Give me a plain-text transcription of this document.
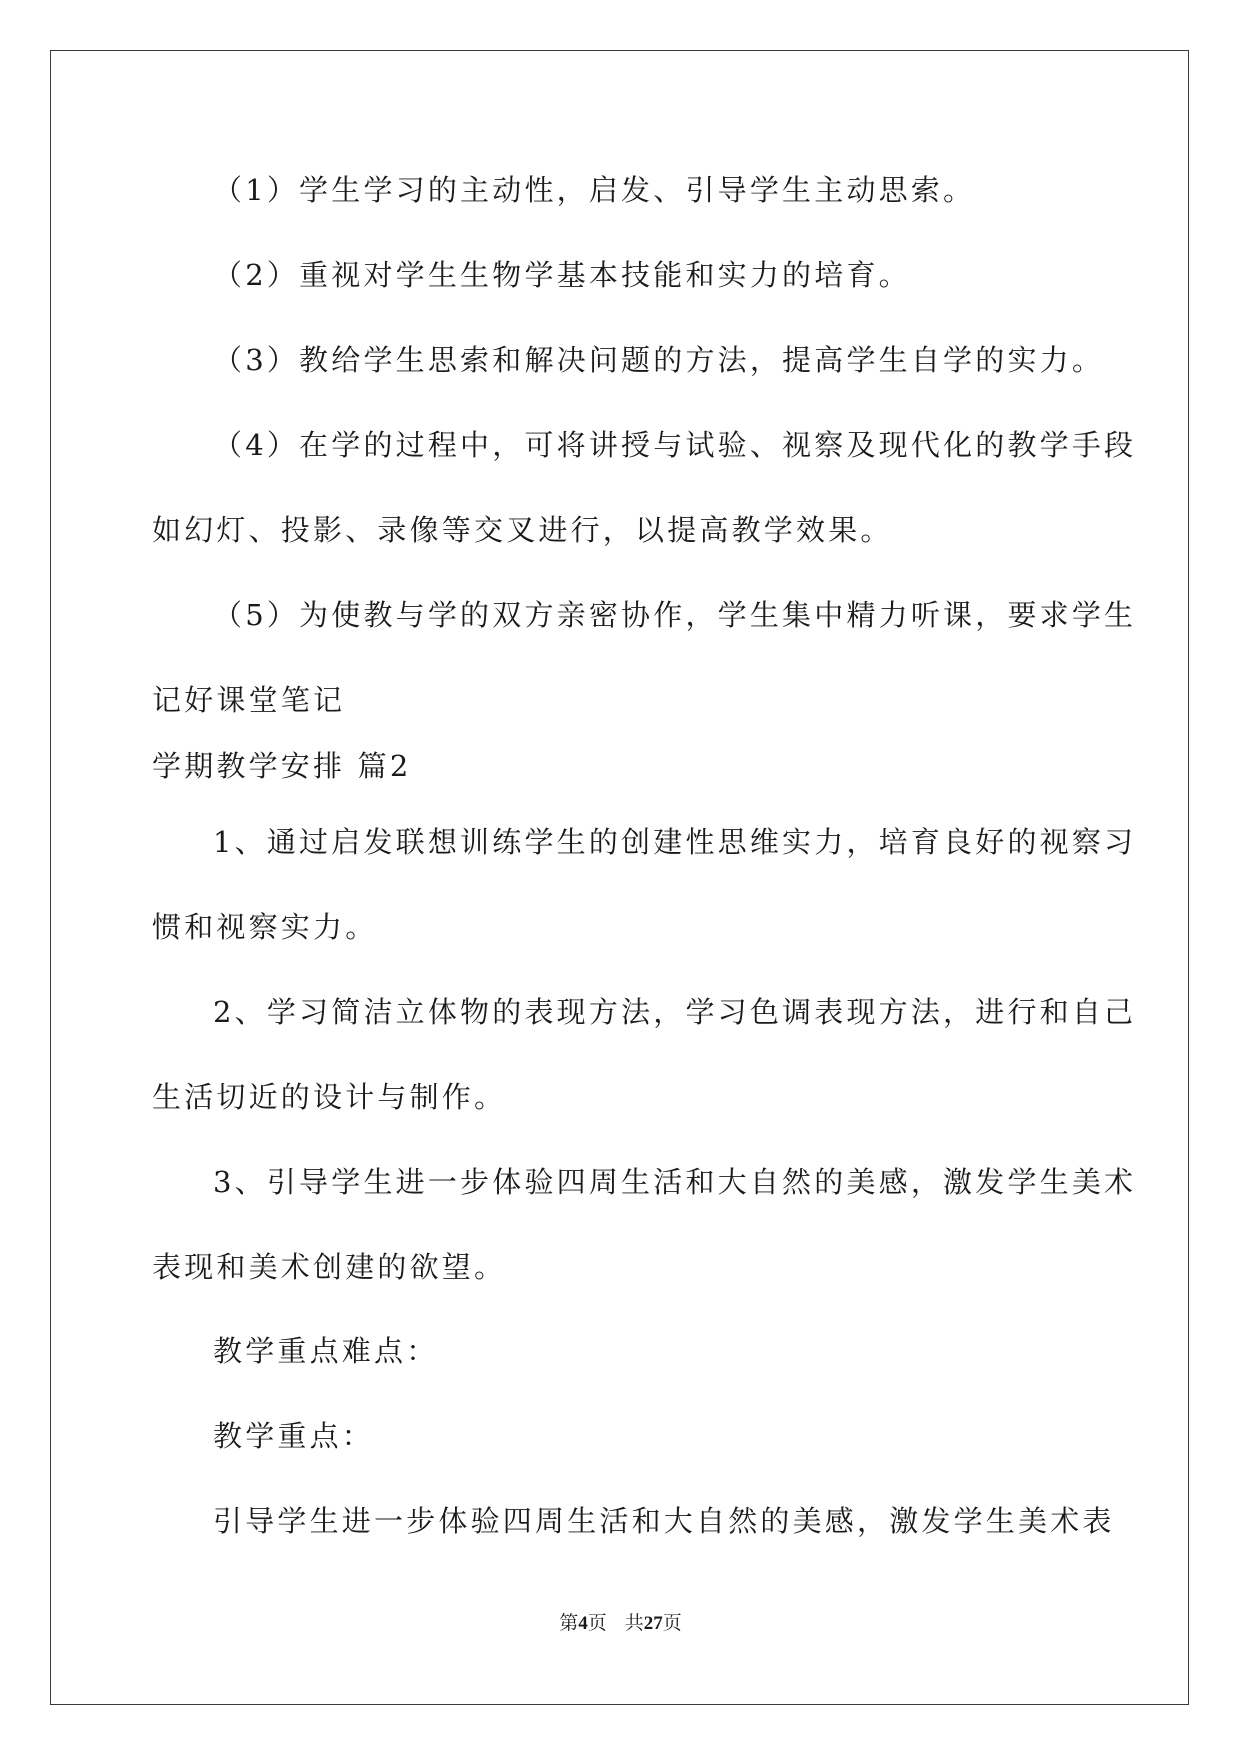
（1）学生学习的主动性，启发、引导学生主动思索。

（2）重视对学生生物学基本技能和实力的培育。

（3）教给学生思索和解决问题的方法，提高学生自学的实力。

（4）在学的过程中，可将讲授与试验、视察及现代化的教学手段

如幻灯、投影、录像等交叉进行，以提高教学效果。

（5）为使教与学的双方亲密协作，学生集中精力听课，要求学生

记好课堂笔记

学期教学安排 篇2

1、通过启发联想训练学生的创建性思维实力，培育良好的视察习

惯和视察实力。

2、学习简洁立体物的表现方法，学习色调表现方法，进行和自己

生活切近的设计与制作。

3、引导学生进一步体验四周生活和大自然的美感，激发学生美术

表现和美术创建的欲望。

教学重点难点：

教学重点：

引导学生进一步体验四周生活和大自然的美感，激发学生美术表

第4页 共27页
